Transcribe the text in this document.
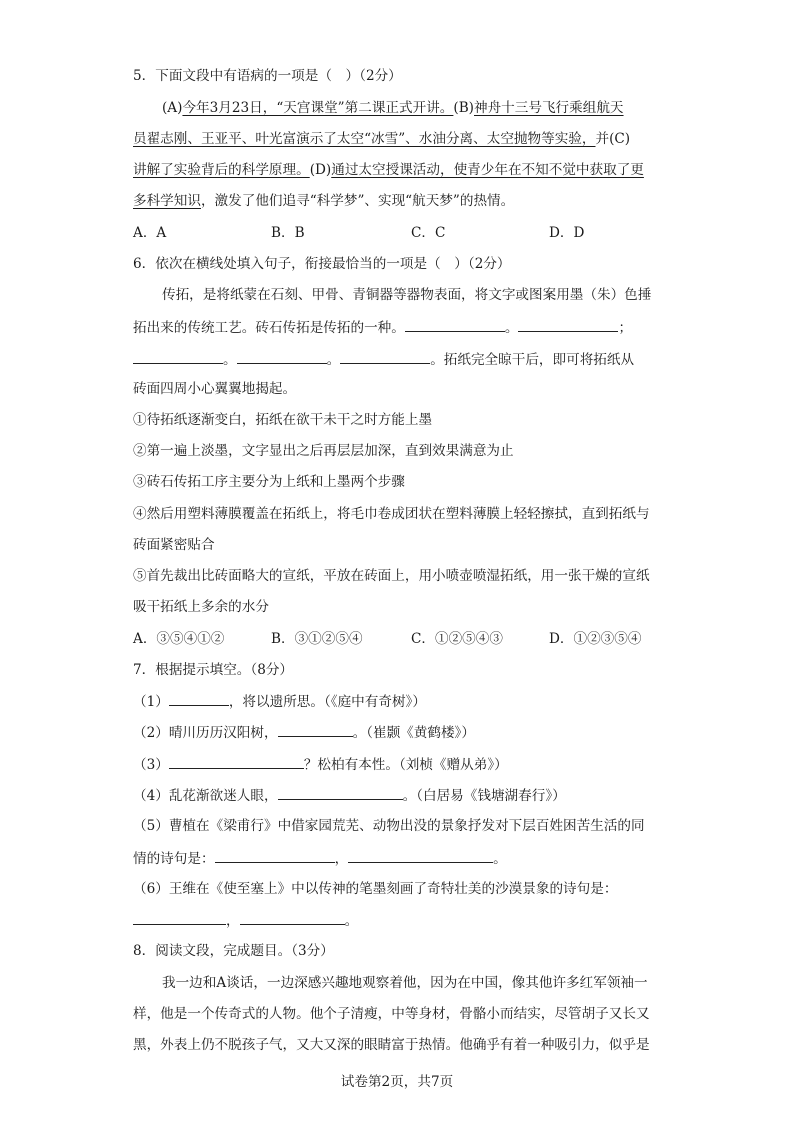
5．下面文段中有语病的一项是（　）（2分）
(A)今年3月23日，“天宫课堂”第二课正式开讲。(B)神舟十三号飞行乘组航天
员翟志刚、王亚平、叶光富演示了太空“冰雪”、水油分离、太空抛物等实验，并(C)
讲解了实验背后的科学原理。(D)通过太空授课活动，使青少年在不知不觉中获取了更
多科学知识，激发了他们追寻“科学梦”、实现“航天梦”的热情。
A．A	B．B	C．C	D．D
6．依次在横线处填入句子，衔接最恰当的一项是（　）（2分）
传拓，是将纸蒙在石刻、甲骨、青铜器等器物表面，将文字或图案用墨（朱）色捶
拓出来的传统工艺。砖石传拓是传拓的一种。	。	；
。	。	。拓纸完全晾干后，即可将拓纸从
砖面四周小心翼翼地揭起。
①待拓纸逐渐变白，拓纸在欲干未干之时方能上墨
②第一遍上淡墨，文字显出之后再层层加深，直到效果满意为止
③砖石传拓工序主要分为上纸和上墨两个步骤
④然后用塑料薄膜覆盖在拓纸上，将毛巾卷成团状在塑料薄膜上轻轻擦拭，直到拓纸与
砖面紧密贴合
⑤首先裁出比砖面略大的宣纸，平放在砖面上，用小喷壶喷湿拓纸，用一张干燥的宣纸
吸干拓纸上多余的水分
A．③⑤④①②	B．③①②⑤④	C．①②⑤④③	D．①②③⑤④
7．根据提示填空。（8分）
（1）	，将以遗所思。（《庭中有奇树》）
（2）晴川历历汉阳树，	。（崔颢《黄鹤楼》）
（3）	？松柏有本性。（刘桢《赠从弟》）
（4）乱花渐欲迷人眼，	。（白居易《钱塘湖春行》）
（5）曹植在《梁甫行》中借家园荒芜、动物出没的景象抒发对下层百姓困苦生活的同
情的诗句是：	，	。
（6）王维在《使至塞上》中以传神的笔墨刻画了奇特壮美的沙漠景象的诗句是：
，	。
8．阅读文段，完成题目。（3分）
我一边和A谈话，一边深感兴趣地观察着他，因为在中国，像其他许多红军领袖一
样，他是一个传奇式的人物。他个子清瘦，中等身材，骨骼小而结实，尽管胡子又长又
黑，外表上仍不脱孩子气，又大又深的眼睛富于热情。他确乎有着一种吸引力，似乎是
试卷第2页，共7页
